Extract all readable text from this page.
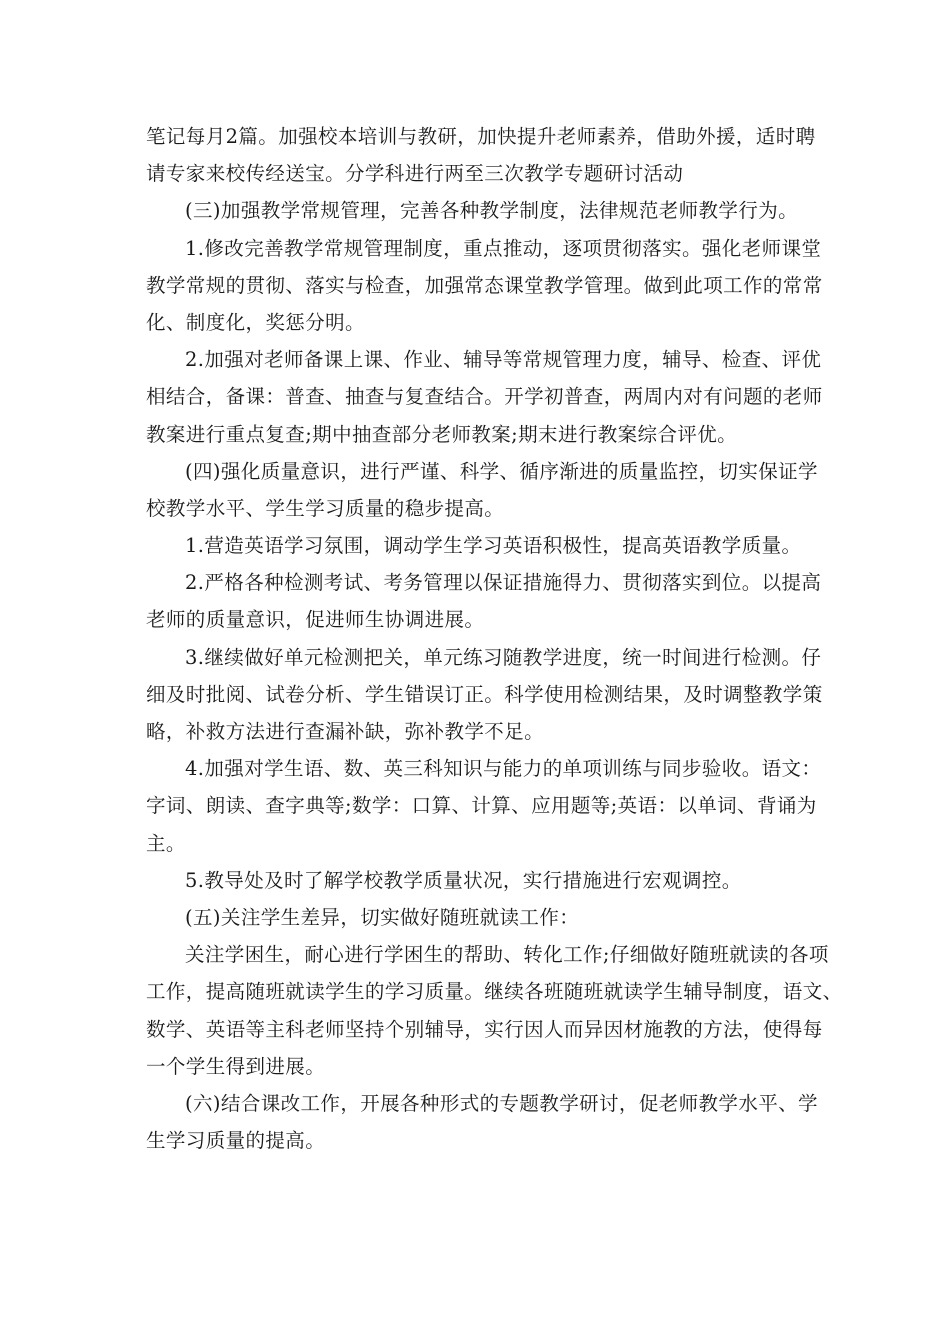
笔记每月2篇。加强校本培训与教研，加快提升老师素养，借助外援，适时聘
请专家来校传经送宝。分学科进行两至三次教学专题研讨活动
(三)加强教学常规管理，完善各种教学制度，法律规范老师教学行为。
1.修改完善教学常规管理制度，重点推动，逐项贯彻落实。强化老师课堂
教学常规的贯彻、落实与检查，加强常态课堂教学管理。做到此项工作的常常
化、制度化，奖惩分明。
2.加强对老师备课上课、作业、辅导等常规管理力度，辅导、检查、评优
相结合，备课：普查、抽查与复查结合。开学初普查，两周内对有问题的老师
教案进行重点复查;期中抽查部分老师教案;期末进行教案综合评优。
(四)强化质量意识，进行严谨、科学、循序渐进的质量监控，切实保证学
校教学水平、学生学习质量的稳步提高。
1.营造英语学习氛围，调动学生学习英语积极性，提高英语教学质量。
2.严格各种检测考试、考务管理以保证措施得力、贯彻落实到位。以提高
老师的质量意识，促进师生协调进展。
3.继续做好单元检测把关，单元练习随教学进度，统一时间进行检测。仔
细及时批阅、试卷分析、学生错误订正。科学使用检测结果，及时调整教学策
略，补救方法进行查漏补缺，弥补教学不足。
4.加强对学生语、数、英三科知识与能力的单项训练与同步验收。语文：
字词、朗读、查字典等;数学：口算、计算、应用题等;英语：以单词、背诵为
主。
5.教导处及时了解学校教学质量状况，实行措施进行宏观调控。
(五)关注学生差异，切实做好随班就读工作：
关注学困生，耐心进行学困生的帮助、转化工作;仔细做好随班就读的各项
工作，提高随班就读学生的学习质量。继续各班随班就读学生辅导制度，语文、
数学、英语等主科老师坚持个别辅导，实行因人而异因材施教的方法，使得每
一个学生得到进展。
(六)结合课改工作，开展各种形式的专题教学研讨，促老师教学水平、学
生学习质量的提高。
